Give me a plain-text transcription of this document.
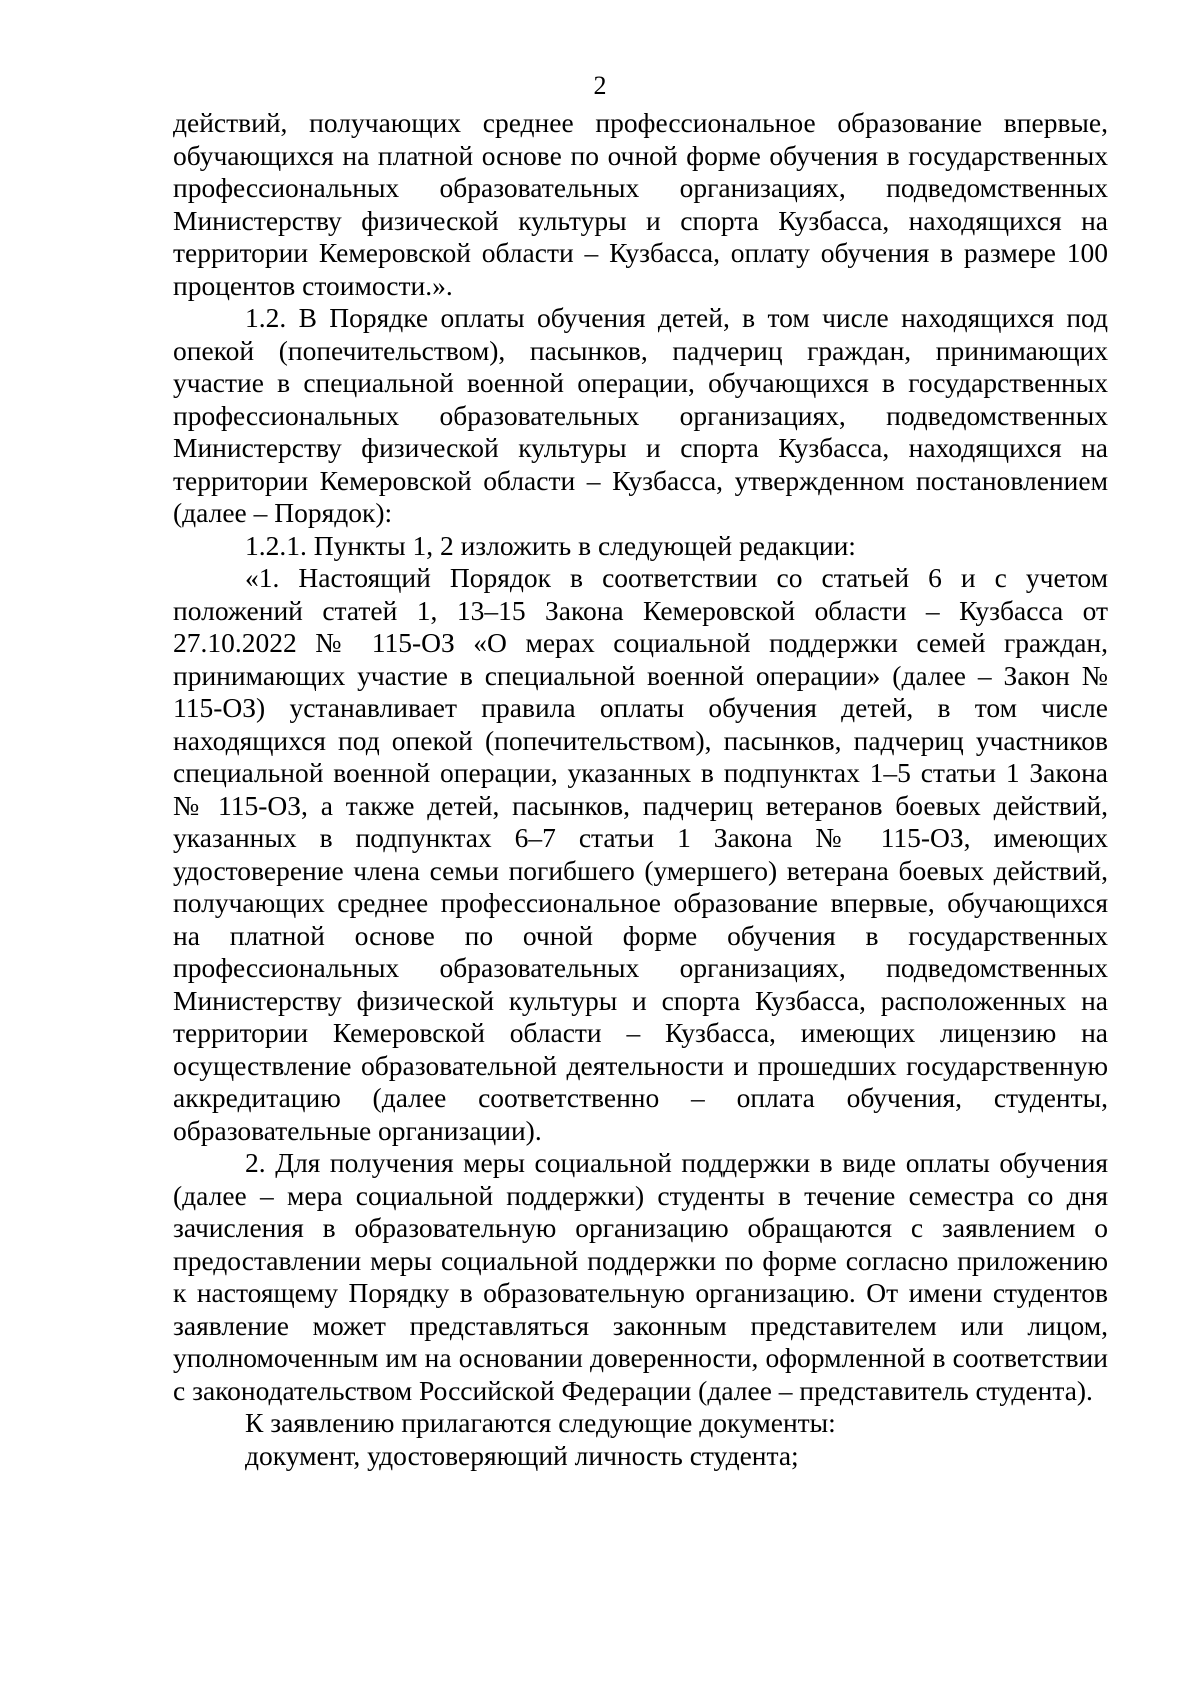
2

действий, получающих среднее профессиональное образование впервые, обучающихся на платной основе по очной форме обучения в государственных профессиональных образовательных организациях, подведомственных Министерству физической культуры и спорта Кузбасса, находящихся на территории Кемеровской области – Кузбасса, оплату обучения в размере 100 процентов стоимости.».

1.2. В Порядке оплаты обучения детей, в том числе находящихся под опекой (попечительством), пасынков, падчериц граждан, принимающих участие в специальной военной операции, обучающихся в государственных профессиональных образовательных организациях, подведомственных Министерству физической культуры и спорта Кузбасса, находящихся на территории Кемеровской области – Кузбасса, утвержденном постановлением (далее – Порядок):

1.2.1. Пункты 1, 2 изложить в следующей редакции:

«1. Настоящий Порядок в соответствии со статьей 6 и с учетом положений статей 1, 13–15 Закона Кемеровской области – Кузбасса от 27.10.2022 № 115-ОЗ «О мерах социальной поддержки семей граждан, принимающих участие в специальной военной операции» (далее – Закон № 115-ОЗ) устанавливает правила оплаты обучения детей, в том числе находящихся под опекой (попечительством), пасынков, падчериц участников специальной военной операции, указанных в подпунктах 1–5 статьи 1 Закона № 115-ОЗ, а также детей, пасынков, падчериц ветеранов боевых действий, указанных в подпунктах 6–7 статьи 1 Закона № 115-ОЗ, имеющих удостоверение члена семьи погибшего (умершего) ветерана боевых действий, получающих среднее профессиональное образование впервые, обучающихся на платной основе по очной форме обучения в государственных профессиональных образовательных организациях, подведомственных Министерству физической культуры и спорта Кузбасса, расположенных на территории Кемеровской области – Кузбасса, имеющих лицензию на осуществление образовательной деятельности и прошедших государственную аккредитацию (далее соответственно – оплата обучения, студенты, образовательные организации).

2. Для получения меры социальной поддержки в виде оплаты обучения (далее – мера социальной поддержки) студенты в течение семестра со дня зачисления в образовательную организацию обращаются с заявлением о предоставлении меры социальной поддержки по форме согласно приложению к настоящему Порядку в образовательную организацию. От имени студентов заявление может представляться законным представителем или лицом, уполномоченным им на основании доверенности, оформленной в соответствии с законодательством Российской Федерации (далее – представитель студента).

К заявлению прилагаются следующие документы:

документ, удостоверяющий личность студента;
